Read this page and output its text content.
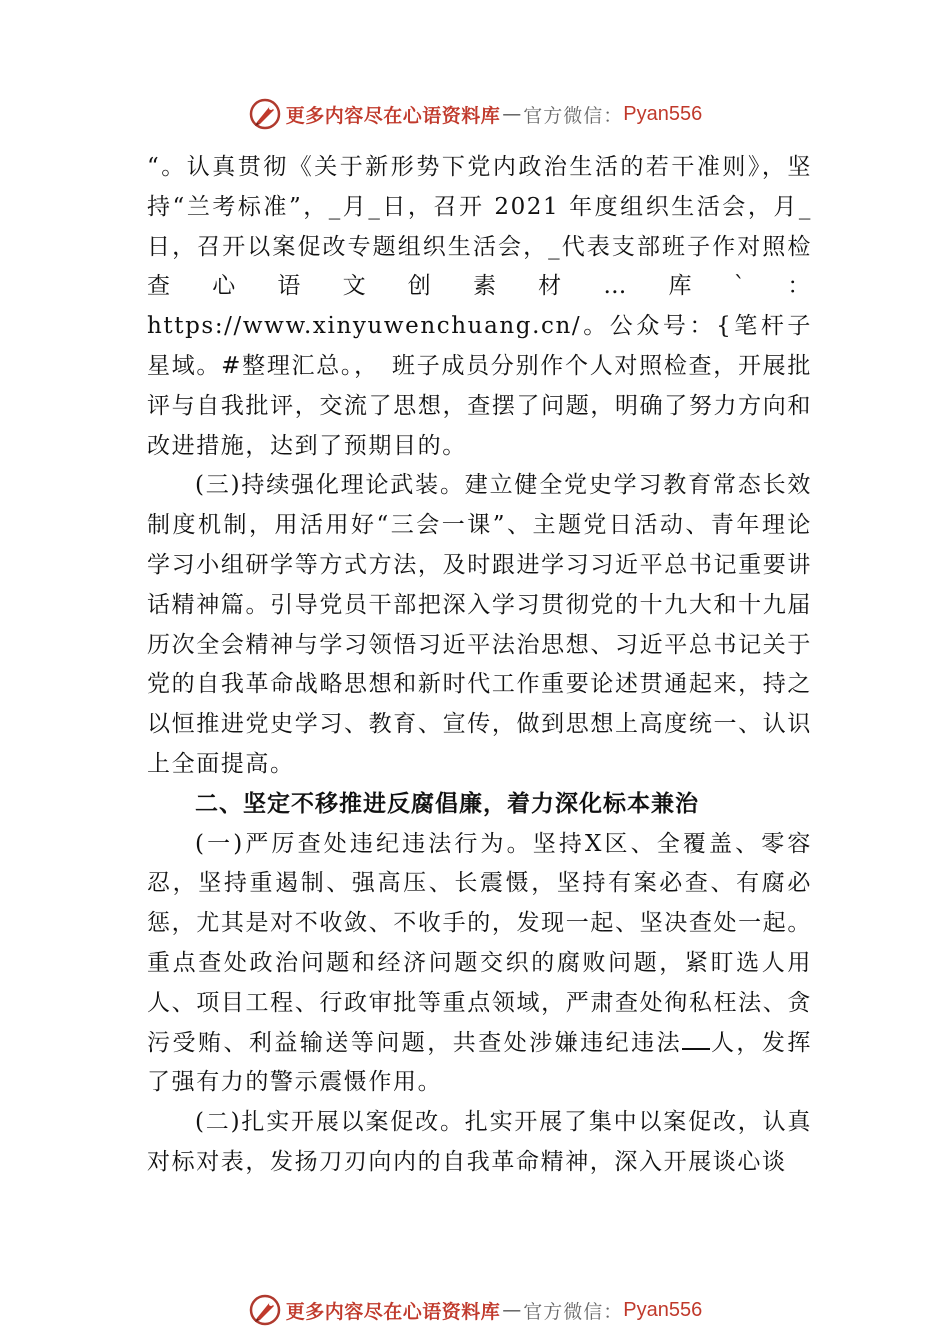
更多内容尽在心语资料库 — 官方微信： Pyan556

“。认真贯彻《关于新形势下党内政治生活的若干准则》，坚持“兰考标准”，_月_日，召开 2021 年度组织生活会，月_日，召开以案促改专题组织生活会，_代表支部班子作对照检查心语文创素材…库`：https://www.xinyuwenchuang.cn/。公众号：{笔杆子星域。#整理汇总。，　班子成员分别作个人对照检查，开展批评与自我批评，交流了思想，查摆了问题，明确了努力方向和改进措施，达到了预期目的。

(三)持续强化理论武装。建立健全党史学习教育常态长效制度机制，用活用好“三会一课”、主题党日活动、青年理论学习小组研学等方式方法，及时跟进学习习近平总书记重要讲话精神篇。引导党员干部把深入学习贯彻党的十九大和十九届历次全会精神与学习领悟习近平法治思想、习近平总书记关于党的自我革命战略思想和新时代工作重要论述贯通起来，持之以恒推进党史学习、教育、宣传，做到思想上高度统一、认识上全面提高。

二、坚定不移推进反腐倡廉，着力深化标本兼治

(一)严厉查处违纪违法行为。坚持X区、全覆盖、零容忍，坚持重遏制、强高压、长震慑，坚持有案必查、有腐必惩，尤其是对不收敛、不收手的，发现一起、坚决查处一起。重点查处政治问题和经济问题交织的腐败问题，紧盯选人用人、项目工程、行政审批等重点领域，严肃查处徇私枉法、贪污受贿、利益输送等问题，共查处涉嫌违纪违法 人，发挥了强有力的警示震慑作用。

(二)扎实开展以案促改。扎实开展了集中以案促改，认真对标对表，发扬刀刃向内的自我革命精神，深入开展谈心谈

更多内容尽在心语资料库 — 官方微信： Pyan556
